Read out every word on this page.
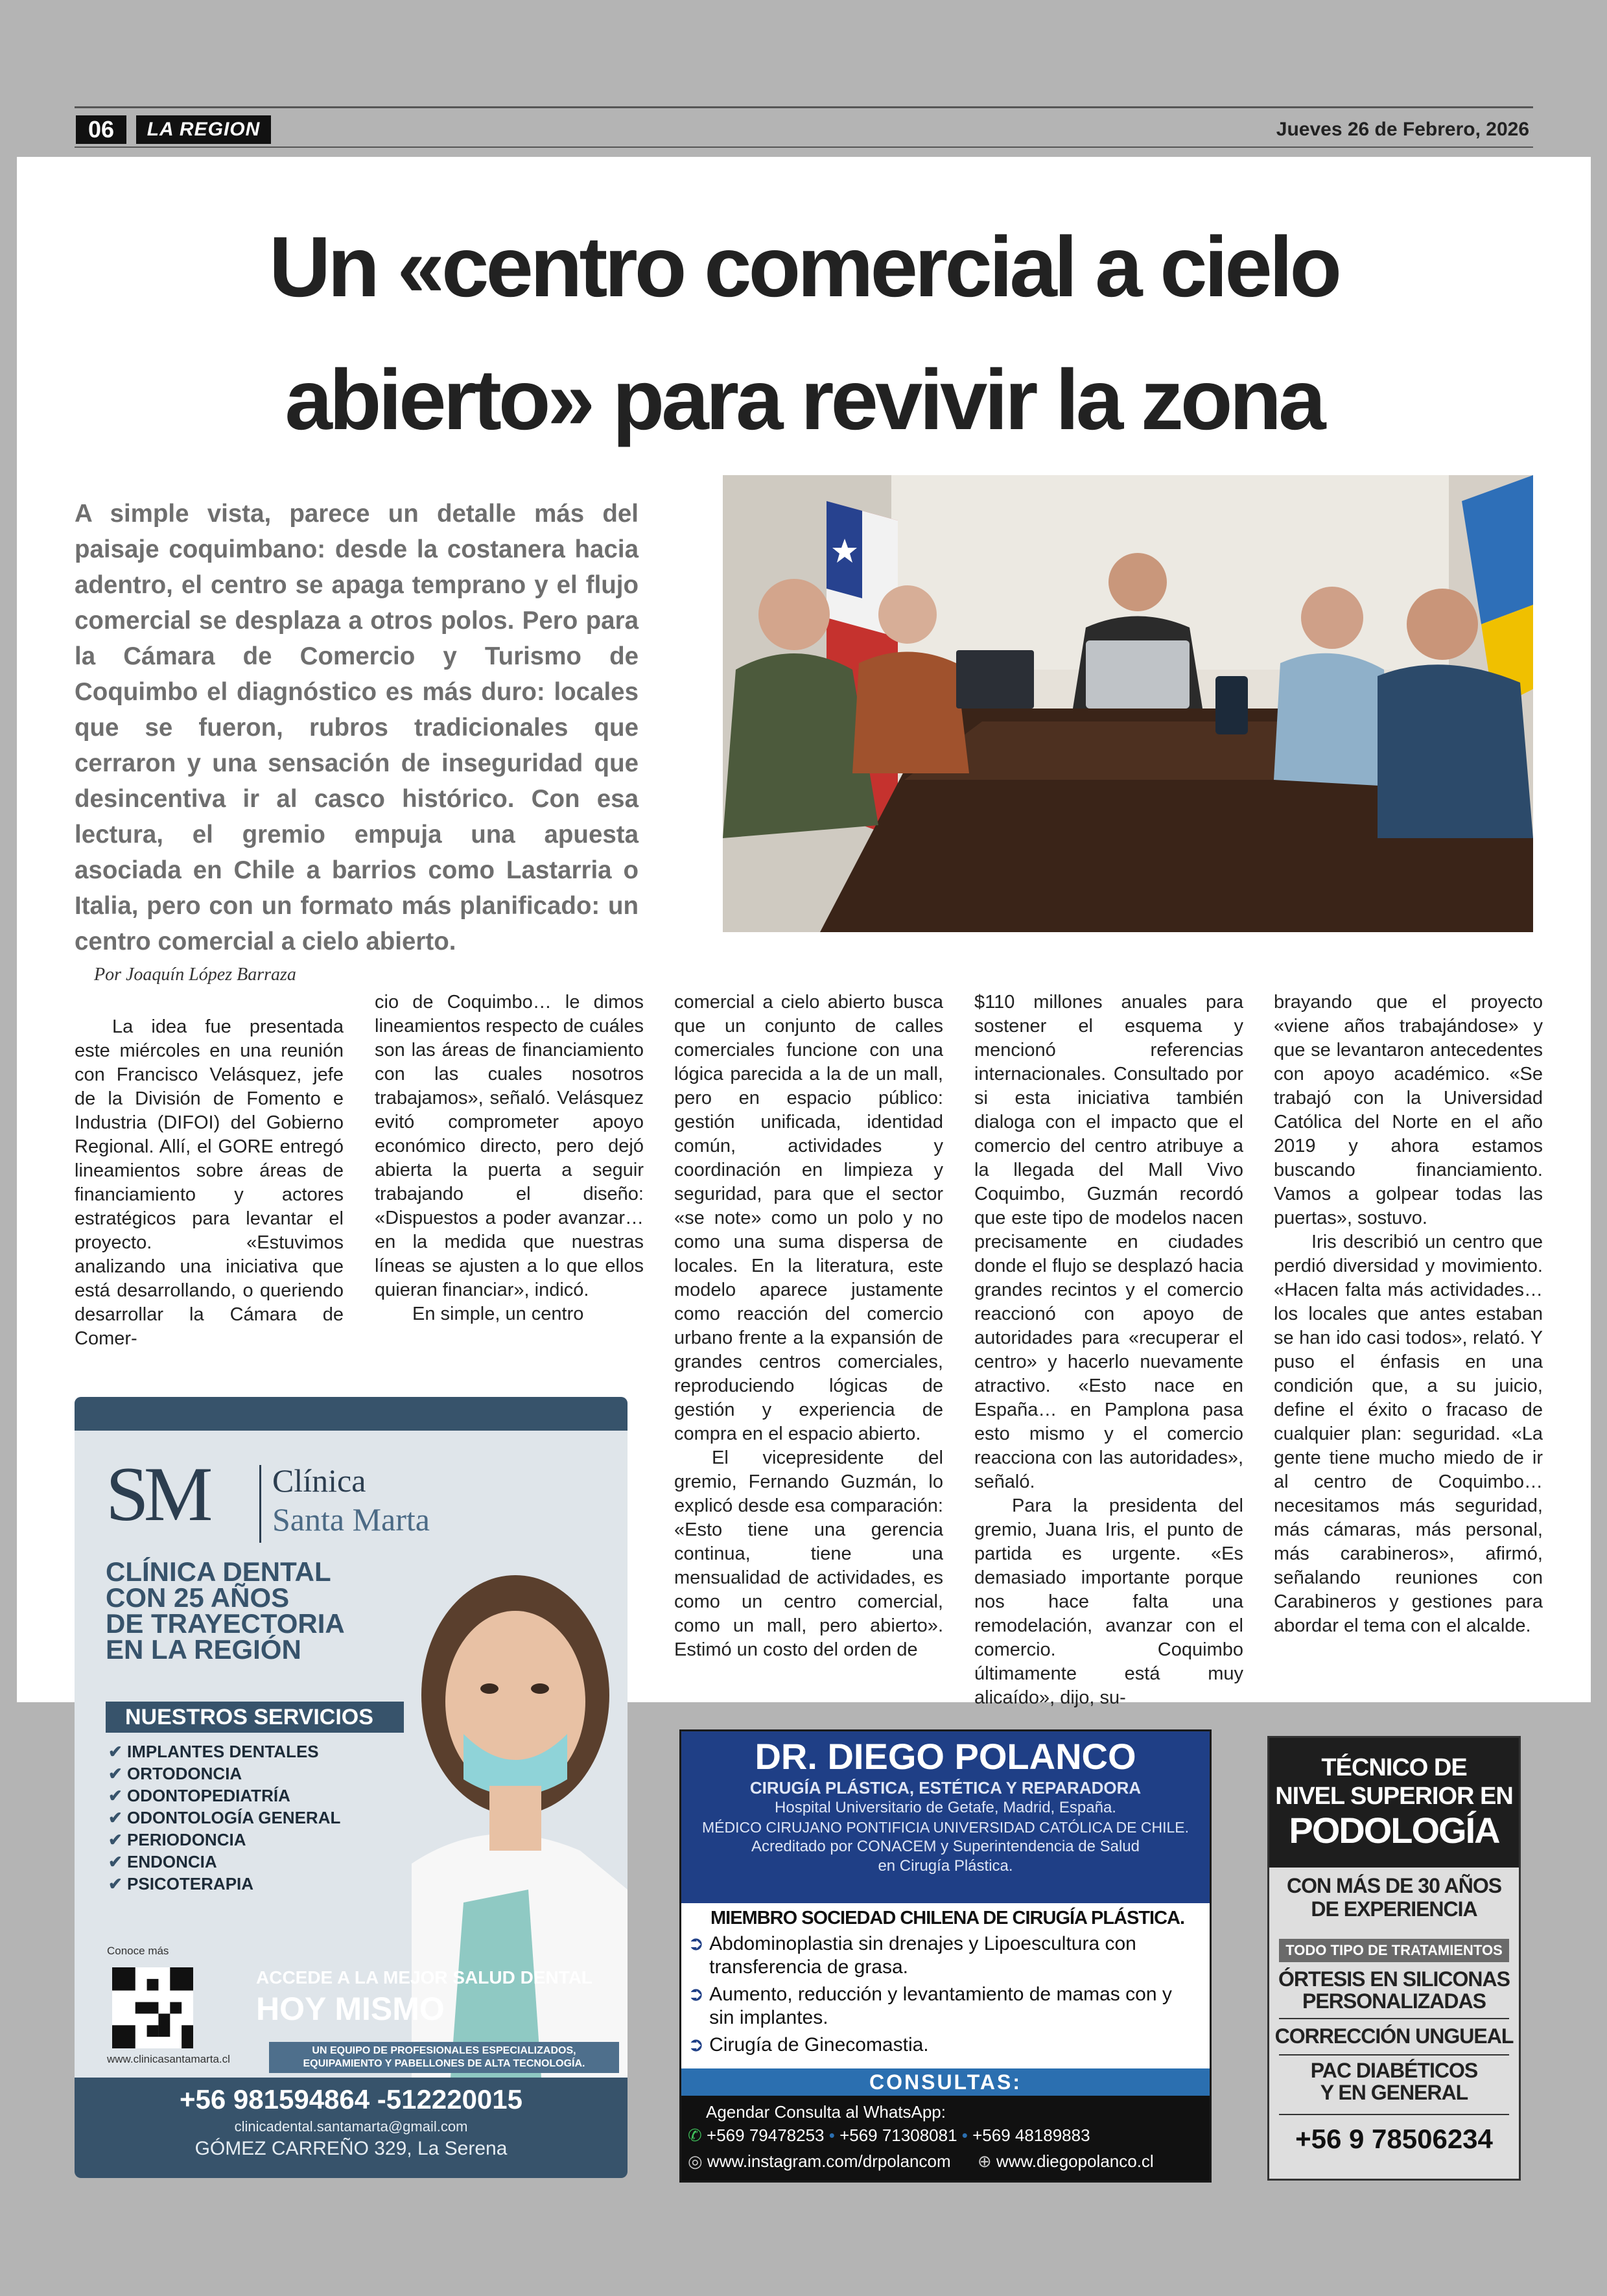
06	LA REGION	Jueves 26 de Febrero, 2026
Un «centro comercial a cielo
abierto» para revivir la zona

A simple vista, parece un detalle más del paisaje coquimbano: desde la costanera hacia adentro, el centro se apaga temprano y el flujo comercial se desplaza a otros polos. Pero para la Cámara de Comercio y Turismo de Coquimbo el diagnóstico es más duro: locales que se fueron, rubros tradicionales que cerraron y una sensación de inseguridad que desincentiva ir al casco histórico. Con esa lectura, el gremio empuja una apuesta asociada en Chile a barrios como Lastarria o Italia, pero con un formato más planificado: un centro comercial a cielo abierto.

Por Joaquín López Barraza

La idea fue presentada este miércoles en una reunión con Francisco Velásquez, jefe de la División de Fomento e Industria (DIFOI) del Gobierno Regional. Allí, el GORE entregó lineamientos sobre áreas de financiamiento y actores estratégicos para levantar el proyecto. «Estuvimos analizando una iniciativa que está desarrollando, o queriendo desarrollar la Cámara de Comer-

cio de Coquimbo… le dimos lineamientos respecto de cuáles son las áreas de financiamiento con las cuales nosotros trabajamos», señaló. Velásquez evitó comprometer apoyo económico directo, pero dejó abierta la puerta a seguir trabajando el diseño: «Dispuestos a poder avanzar… en la medida que nuestras líneas se ajusten a lo que ellos quieran financiar», indicó.

En simple, un centro

comercial a cielo abierto busca que un conjunto de calles comerciales funcione con una lógica parecida a la de un mall, pero en espacio público: gestión unificada, identidad común, actividades y coordinación en limpieza y seguridad, para que el sector «se note» como un polo y no como una suma dispersa de locales. En la literatura, este modelo aparece justamente como reacción del comercio urbano frente a la expansión de grandes centros comerciales, reproduciendo lógicas de gestión y experiencia de compra en el espacio abierto.

El vicepresidente del gremio, Fernando Guzmán, lo explicó desde esa comparación: «Esto tiene una gerencia continua, tiene una mensualidad de actividades, es como un centro comercial, como un mall, pero abierto». Estimó un costo del orden de

$110 millones anuales para sostener el esquema y mencionó referencias internacionales. Consultado por si esta iniciativa también dialoga con el impacto que el comercio del centro atribuye a la llegada del Mall Vivo Coquimbo, Guzmán recordó que este tipo de modelos nacen precisamente en ciudades donde el flujo se desplazó hacia grandes recintos y el comercio reaccionó con apoyo de autoridades para «recuperar el centro» y hacerlo nuevamente atractivo. «Esto nace en España… en Pamplona pasa esto mismo y el comercio reacciona con las autoridades», señaló.

Para la presidenta del gremio, Juana Iris, el punto de partida es urgente. «Es demasiado importante porque nos hace falta una remodelación, avanzar con el comercio. Coquimbo últimamente está muy alicaído», dijo, su-

brayando que el proyecto «viene años trabajándose» y que se levantaron antecedentes con apoyo académico. «Se trabajó con la Universidad Católica del Norte en el año 2019 y ahora estamos buscando financiamiento. Vamos a golpear todas las puertas», sostuvo.

Iris describió un centro que perdió diversidad y movimiento. «Hacen falta más actividades… los locales que antes estaban se han ido casi todos», relató. Y puso el énfasis en una condición que, a su juicio, define el éxito o fracaso de cualquier plan: seguridad. «La gente tiene mucho miedo de ir al centro de Coquimbo… necesitamos más seguridad, más cámaras, más personal, más carabineros», afirmó, señalando reuniones con Carabineros y gestiones para abordar el tema con el alcalde.

SM Clínica
Santa Marta
CLÍNICA DENTAL
CON 25 AÑOS
DE TRAYECTORIA
EN LA REGIÓN
NUESTROS SERVICIOS
✔ IMPLANTES DENTALES
✔ ORTODONCIA
✔ ODONTOPEDIATRÍA
✔ ODONTOLOGÍA GENERAL
✔ PERIODONCIA
✔ ENDONCIA
✔ PSICOTERAPIA
Conoce más
www.clinicasantamarta.cl
ACCEDE A LA MEJOR SALUD DENTAL
HOY MISMO
UN EQUIPO DE PROFESIONALES ESPECIALIZADOS,
EQUIPAMIENTO Y PABELLONES DE ALTA TECNOLOGÍA.
+56 981594864 -512220015
clinicadental.santamarta@gmail.com
GÓMEZ CARREÑO 329, La Serena
DR. DIEGO POLANCO
CIRUGÍA PLÁSTICA, ESTÉTICA Y REPARADORA
Hospital Universitario de Getafe, Madrid, España.
MÉDICO CIRUJANO PONTIFICIA UNIVERSIDAD CATÓLICA DE CHILE.
Acreditado por CONACEM y Superintendencia de Salud
en Cirugía Plástica.
MIEMBRO SOCIEDAD CHILENA DE CIRUGÍA PLÁSTICA.
➲ Abdominoplastia sin drenajes y Lipoescultura con transferencia de grasa.
➲ Aumento, reducción y levantamiento de mamas con y sin implantes.
➲ Cirugía de Ginecomastia.
CONSULTAS:
Agendar Consulta al WhatsApp:
✆ +569 79478253 • +569 71308081 • +569 48189883
◎ www.instagram.com/drpolancom ⊕ www.diegopolanco.cl
TÉCNICO DE
NIVEL SUPERIOR EN
PODOLOGÍA
CON MÁS DE 30 AÑOS
DE EXPERIENCIA
TODO TIPO DE TRATAMIENTOS
ÓRTESIS EN SILICONAS
PERSONALIZADAS
CORRECCIÓN UNGUEAL
PAC DIABÉTICOS
Y EN GENERAL
+56 9 78506234
